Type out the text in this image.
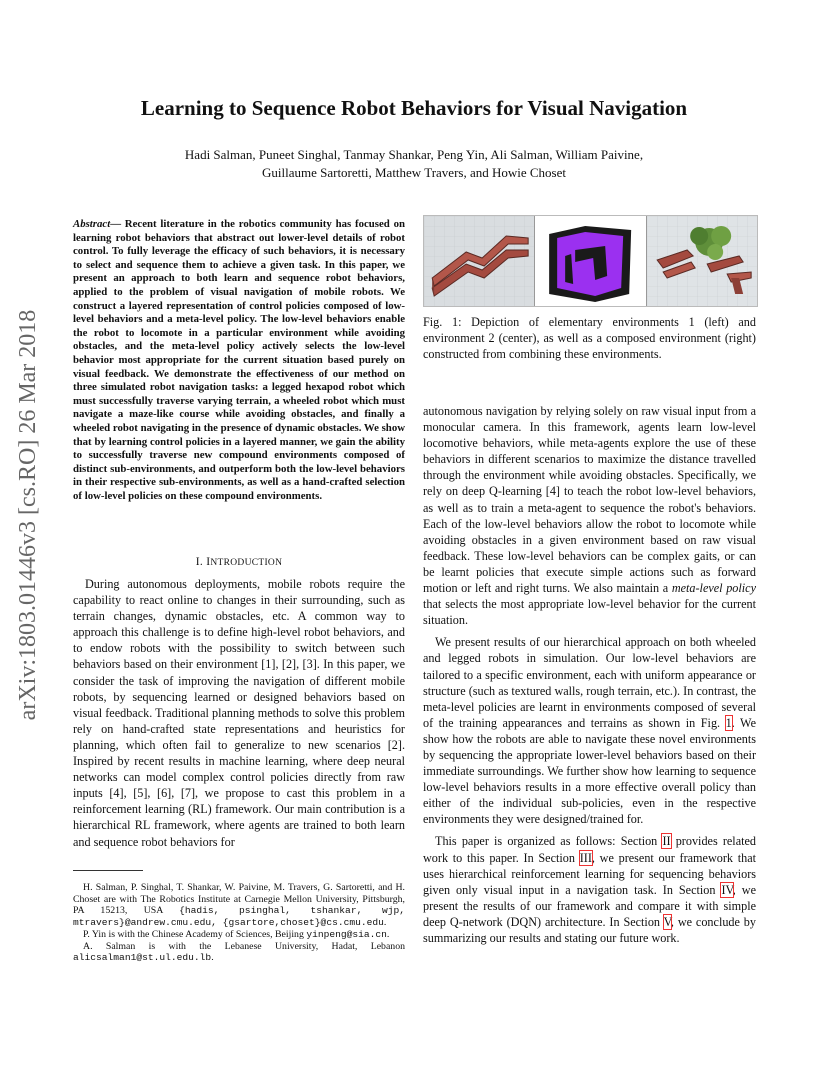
arXiv:1803.01446v3 [cs.RO] 26 Mar 2018
Learning to Sequence Robot Behaviors for Visual Navigation
Hadi Salman, Puneet Singhal, Tanmay Shankar, Peng Yin, Ali Salman, William Paivine,
Guillaume Sartoretti, Matthew Travers, and Howie Choset
Abstract— Recent literature in the robotics community has focused on learning robot behaviors that abstract out lower-level details of robot control. To fully leverage the efficacy of such behaviors, it is necessary to select and sequence them to achieve a given task. In this paper, we present an approach to both learn and sequence robot behaviors, applied to the problem of visual navigation of mobile robots. We construct a layered representation of control policies composed of low-level behaviors and a meta-level policy. The low-level behaviors enable the robot to locomote in a particular environment while avoiding obstacles, and the meta-level policy actively selects the low-level behavior most appropriate for the current situation based purely on visual feedback. We demonstrate the effectiveness of our method on three simulated robot navigation tasks: a legged hexapod robot which must successfully traverse varying terrain, a wheeled robot which must navigate a maze-like course while avoiding obstacles, and finally a wheeled robot navigating in the presence of dynamic obstacles. We show that by learning control policies in a layered manner, we gain the ability to successfully traverse new compound environments composed of distinct sub-environments, and outperform both the low-level behaviors in their respective sub-environments, as well as a hand-crafted selection of low-level policies on these compound environments.
I. INTRODUCTION

During autonomous deployments, mobile robots require the capability to react online to changes in their surrounding, such as terrain changes, dynamic obstacles, etc. A common way to approach this challenge is to define high-level robot behaviors, and to endow robots with the possibility to switch between such behaviors based on their environment [1], [2], [3]. In this paper, we consider the task of improving the navigation of different mobile robots, by sequencing learned or designed behaviors based on visual feedback. Traditional planning methods to solve this problem rely on hand-crafted state representations and heuristics for planning, which often fail to generalize to new scenarios [2]. Inspired by recent results in machine learning, where deep neural networks can model complex control policies directly from raw inputs [4], [5], [6], [7], we propose to cast this problem in a reinforcement learning (RL) framework. Our main contribution is a hierarchical RL framework, where agents are trained to both learn and sequence robot behaviors for

H. Salman, P. Singhal, T. Shankar, W. Paivine, M. Travers, G. Sartoretti, and H. Choset are with The Robotics Institute at Carnegie Mellon University, Pittsburgh, PA 15213, USA {hadis, psinghal, tshankar, wjp, mtravers}@andrew.cmu.edu, {gsartore,choset}@cs.cmu.edu.

P. Yin is with the Chinese Academy of Sciences, Beijing yinpeng@sia.cn.

A. Salman is with the Lebanese University, Hadat, Lebanon alicsalman1@st.ul.edu.lb.

Fig. 1: Depiction of elementary environments 1 (left) and environment 2 (center), as well as a composed environment (right) constructed from combining these environments.

autonomous navigation by relying solely on raw visual input from a monocular camera. In this framework, agents learn low-level locomotive behaviors, while meta-agents explore the use of these behaviors in different scenarios to maximize the distance travelled through the environment while avoiding obstacles. Specifically, we rely on deep Q-learning [4] to teach the robot low-level behaviors, as well as to train a meta-agent to sequence the robot's behaviors. Each of the low-level behaviors allow the robot to locomote while avoiding obstacles in a given environment based on raw visual feedback. These low-level behaviors can be complex gaits, or can be learnt policies that execute simple actions such as forward motion or left and right turns. We also maintain a meta-level policy that selects the most appropriate low-level behavior for the current situation.

We present results of our hierarchical approach on both wheeled and legged robots in simulation. Our low-level behaviors are tailored to a specific environment, each with uniform appearance or structure (such as textured walls, rough terrain, etc.). In contrast, the meta-level policies are learnt in environments composed of several of the training appearances and terrains as shown in Fig. 1. We show how the robots are able to navigate these novel environments by sequencing the appropriate lower-level behaviors based on their immediate surroundings. We further show how learning to sequence low-level behaviors results in a more effective overall policy than either of the individual sub-policies, even in the respective environments they were designed/trained for.

This paper is organized as follows: Section II provides related work to this paper. In Section III, we present our framework that uses hierarchical reinforcement learning for sequencing behaviors given only visual input in a navigation task. In Section IV, we present the results of our framework and compare it with simple deep Q-network (DQN) architecture. In Section V, we conclude by summarizing our results and stating our future work.
